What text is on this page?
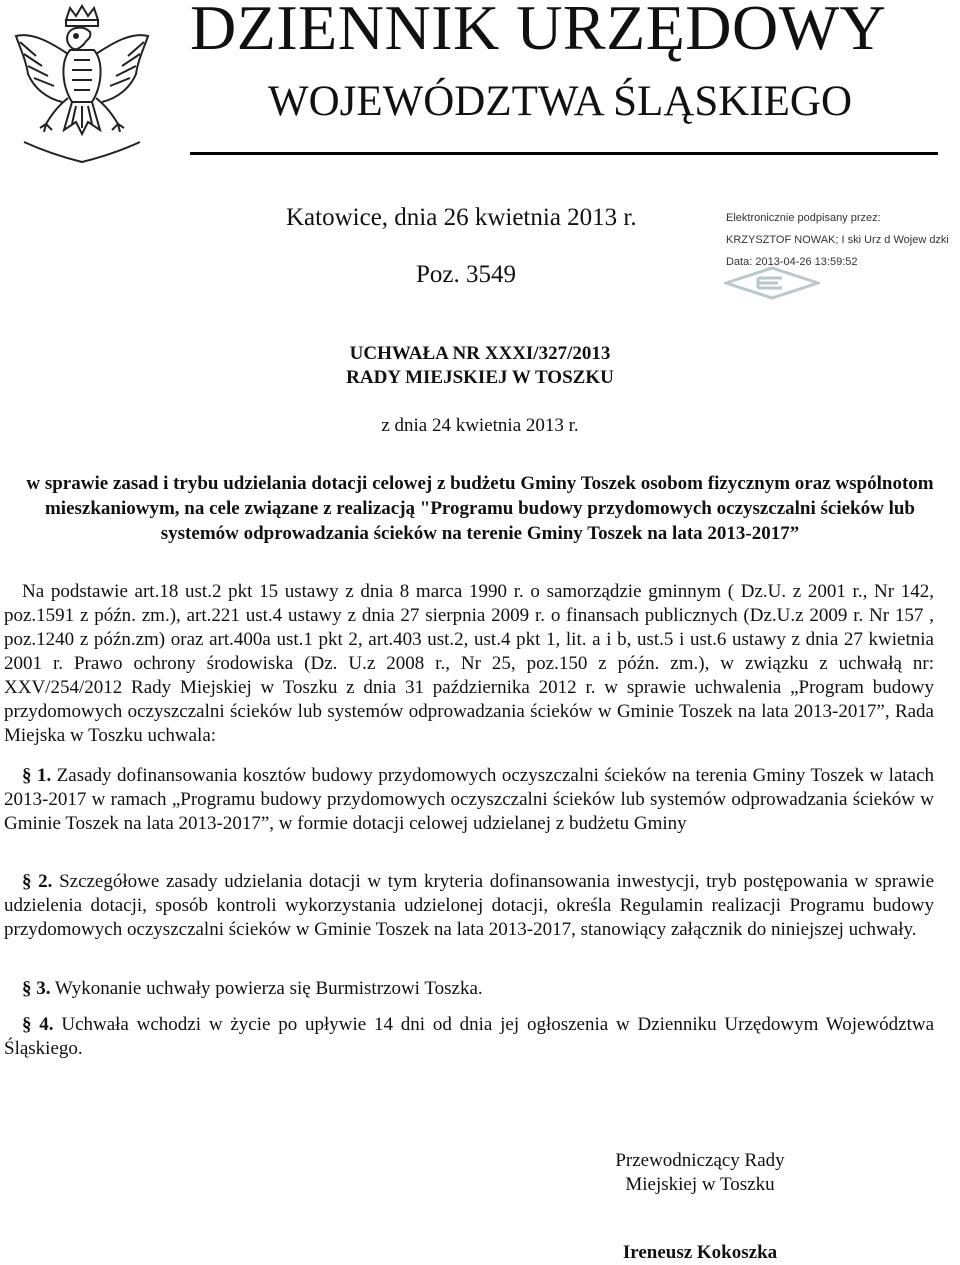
DZIENNIK URZĘDOWY
WOJEWÓDZTWA ŚLĄSKIEGO
Katowice, dnia 26 kwietnia 2013 r.
Poz. 3549
Elektronicznie podpisany przez:
KRZYSZTOF NOWAK; I ski Urz d Wojew dzki
Data: 2013-04-26 13:59:52
UCHWAŁA NR XXXI/327/2013
RADY MIEJSKIEJ W TOSZKU
z dnia 24 kwietnia 2013 r.
w sprawie zasad i trybu udzielania dotacji celowej z budżetu Gminy Toszek osobom fizycznym oraz wspólnotom mieszkaniowym, na cele związane z realizacją "Programu budowy przydomowych oczyszczalni ścieków lub systemów odprowadzania ścieków na terenie Gminy Toszek na lata 2013-2017”
Na podstawie art.18 ust.2 pkt 15 ustawy z dnia 8 marca 1990 r. o samorządzie gminnym ( Dz.U. z 2001 r., Nr 142, poz.1591 z późn. zm.), art.221 ust.4 ustawy z dnia 27 sierpnia 2009 r. o finansach publicznych (Dz.U.z 2009 r. Nr 157 , poz.1240 z późn.zm) oraz art.400a ust.1 pkt 2, art.403 ust.2, ust.4 pkt 1, lit. a i b, ust.5 i ust.6 ustawy z dnia 27 kwietnia 2001 r. Prawo ochrony środowiska (Dz. U.z 2008 r., Nr 25, poz.150 z późn. zm.), w związku z uchwałą nr: XXV/254/2012 Rady Miejskiej w Toszku z dnia 31 października 2012 r. w sprawie uchwalenia „Program budowy przydomowych oczyszczalni ścieków lub systemów odprowadzania ścieków w Gminie Toszek na lata 2013-2017”, Rada Miejska w Toszku uchwala:
§ 1. Zasady dofinansowania kosztów budowy przydomowych oczyszczalni ścieków na terenia Gminy Toszek w latach 2013-2017 w ramach „Programu budowy przydomowych oczyszczalni ścieków lub systemów odprowadzania ścieków w Gminie Toszek na lata 2013-2017”, w formie dotacji celowej udzielanej z budżetu Gminy
§ 2. Szczegółowe zasady udzielania dotacji w tym kryteria dofinansowania inwestycji, tryb postępowania w sprawie udzielenia dotacji, sposób kontroli wykorzystania udzielonej dotacji, określa Regulamin realizacji Programu budowy przydomowych oczyszczalni ścieków w Gminie Toszek na lata 2013-2017, stanowiący załącznik do niniejszej uchwały.
§ 3. Wykonanie uchwały powierza się Burmistrzowi Toszka.
§ 4. Uchwała wchodzi w życie po upływie 14 dni od dnia jej ogłoszenia w Dzienniku Urzędowym Województwa Śląskiego.
Przewodniczący Rady
Miejskiej w Toszku
Ireneusz Kokoszka
